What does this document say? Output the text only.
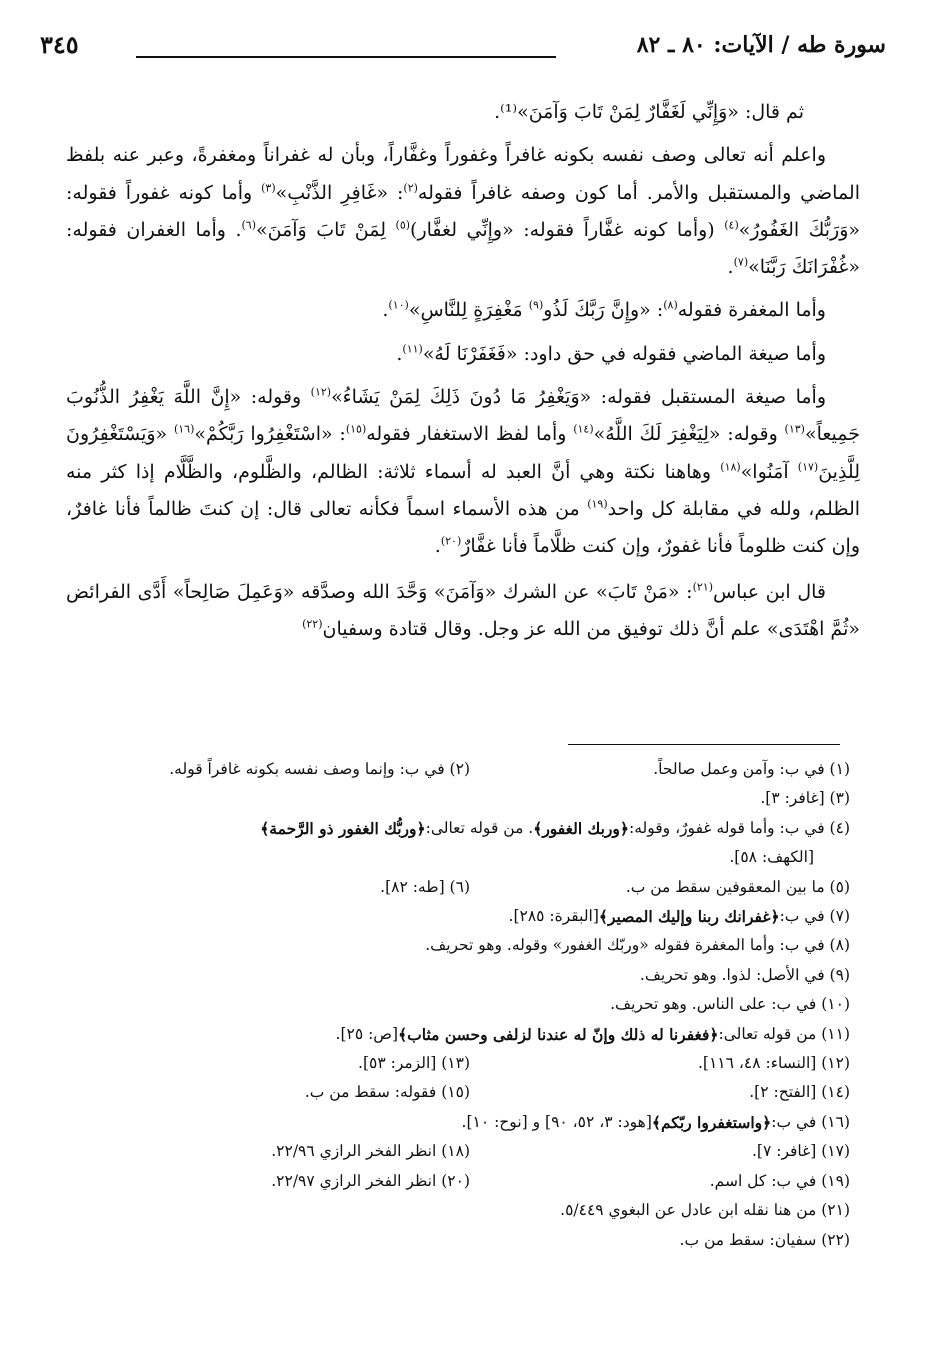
سورة طه / الآيات: ٨٠ ـ ٨٢
٣٤٥

ثم قال: «وَإِنِّي لَغَفَّارٌ لِمَنْ تَابَ وَآمَنَ»⁽¹⁾.

واعلم أنه تعالى وصف نفسه بكونه غافراً وغفوراً وغفَّاراً، وبأن له غفراناً ومغفرةً، وعبر عنه بلفظ الماضي والمستقبل والأمر. أما كون وصفه غافراً فقوله$^{(٢)}$: «غَافِرِ الذَّنْبِ»$^{(٣)}$ وأما كونه غفوراً فقوله: «وَرَبُّكَ الغَفُورُ»$^{(٤)}$ (وأما كونه غفَّاراً فقوله: «وإِنِّي لغفَّار)$^{(٥)}$ لِمَنْ تَابَ وَآمَنَ»$^{(٦)}$. وأما الغفران فقوله: «غُفْرَانَكَ رَبَّنَا»$^{(٧)}$.

وأما المغفرة فقوله$^{(٨)}$: «وإِنَّ رَبَّكَ لَذُو$^{(٩)}$ مَغْفِرَةٍ لِلنَّاسِ»$^{(١٠)}$.

وأما صيغة الماضي فقوله في حق داود: «فَغَفَرْنَا لَهُ»$^{(١١)}$.

وأما صيغة المستقبل فقوله: «وَيَغْفِرُ مَا دُونَ ذَلِكَ لِمَنْ يَشَاءُ»$^{(١٢)}$ وقوله: «إِنَّ اللَّهَ يَغْفِرُ الذُّنُوبَ جَمِيعاً»$^{(١٣)}$ وقوله: «لِيَغْفِرَ لَكَ اللَّهُ»$^{(١٤)}$ وأما لفظ الاستغفار فقوله$^{(١٥)}$: «اسْتَغْفِرُوا رَبَّكُمْ»$^{(١٦)}$ «وَيَسْتَغْفِرُونَ لِلَّذِينَ$^{(١٧)}$ آمَنُوا»$^{(١٨)}$ وهاهنا نكتة وهي أنَّ العبد له أسماء ثلاثة: الظالم، والظَّلوم، والظَّلَّام إذا كثر منه الظلم، ولله في مقابلة كل واحد$^{(١٩)}$ من هذه الأسماء اسماً فكأنه تعالى قال: إن كنتَ ظالماً فأنا غافرٌ، وإن كنت ظلوماً فأنا غفورٌ، وإن كنت ظلَّاماً فأنا غفَّارٌ$^{(٢٠)}$.

قال ابن عباس$^{(٢١)}$: «مَنْ تَابَ» عن الشرك «وَآمَنَ» وَحَّدَ الله وصدَّقه «وَعَمِلَ صَالِحاً» أَدَّى الفرائض «ثُمَّ اهْتَدَى» علم أنَّ ذلك توفيق من الله عز وجل. وقال قتادة وسفيان$^{(٢٢)}$

(١) في ب: وآمن وعمل صالحاً.
(٢) في ب: وإنما وصف نفسه بكونه غافراً قوله.
(٣) [غافر: ٣].
(٤) في ب: وأما قوله غفورٌ، وقوله:
﴿وربك الغفور﴾
. من قوله تعالى:
﴿وربُّك الغفور ذو الرَّحمة﴾
[الكهف: ٥٨].
(٥) ما بين المعقوفين سقط من ب.
(٦) [طه: ٨٢].
(٧) في ب:
﴿غفرانك ربنا وإليك المصير﴾
[البقرة: ٢٨٥].
(٨) في ب: وأما المغفرة فقوله «وربّك الغفور» وقوله. وهو تحريف.
(٩) في الأصل: لذوا. وهو تحريف.
(١٠) في ب: على الناس. وهو تحريف.
(١١) من قوله تعالى:
﴿فغفرنا له ذلك وإنّ له عندنا لزلفى وحسن مثاب﴾
[ص: ٢٥].
(١٢) [النساء: ٤٨، ١١٦].
(١٣) [الزمر: ٥٣].
(١٤) [الفتح: ٢].
(١٥) فقوله: سقط من ب.
(١٦) في ب:
﴿واستغفروا ربّكم﴾
[هود: ٣، ٥٢، ٩٠] و [نوح: ١٠].
(١٧) [غافر: ٧].
(١٨) انظر الفخر الرازي ٢٢/٩٦.
(١٩) في ب: كل اسم.
(٢٠) انظر الفخر الرازي ٢٢/٩٧.
(٢١) من هنا نقله ابن عادل عن البغوي ٥/٤٤٩.
(٢٢) سفيان: سقط من ب.
